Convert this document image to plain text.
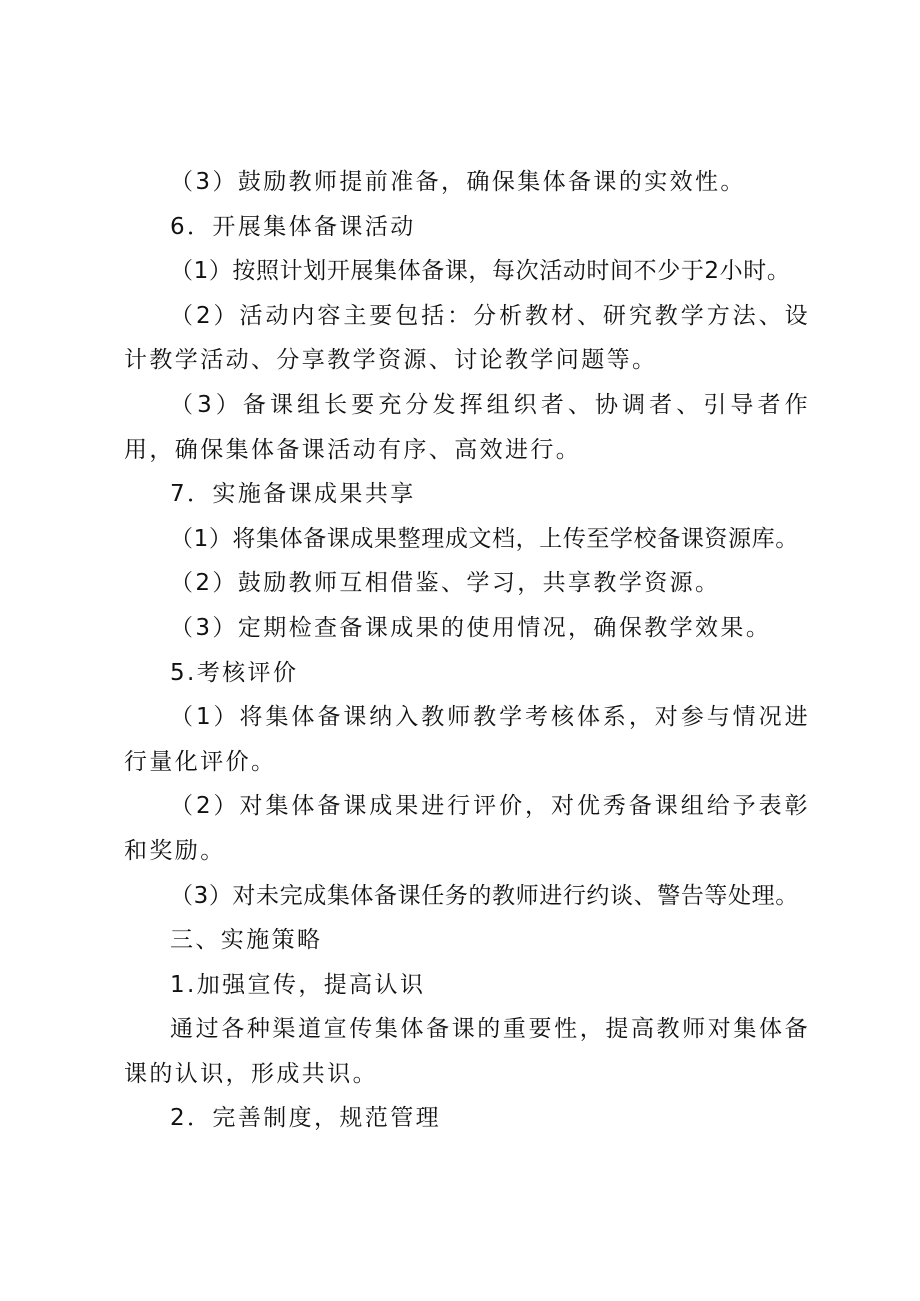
（3）鼓励教师提前准备，确保集体备课的实效性。
6．开展集体备课活动
（1）按照计划开展集体备课，每次活动时间不少于2小时。
（2）活动内容主要包括：分析教材、研究教学方法、设计教学活动、分享教学资源、讨论教学问题等。
（3）备课组长要充分发挥组织者、协调者、引导者作用，确保集体备课活动有序、高效进行。
7．实施备课成果共享
（1）将集体备课成果整理成文档，上传至学校备课资源库。
（2）鼓励教师互相借鉴、学习，共享教学资源。
（3）定期检查备课成果的使用情况，确保教学效果。
5.考核评价
（1）将集体备课纳入教师教学考核体系，对参与情况进行量化评价。
（2）对集体备课成果进行评价，对优秀备课组给予表彰和奖励。
（3）对未完成集体备课任务的教师进行约谈、警告等处理。
三、实施策略
1.加强宣传，提高认识
通过各种渠道宣传集体备课的重要性，提高教师对集体备课的认识，形成共识。
2．完善制度，规范管理
